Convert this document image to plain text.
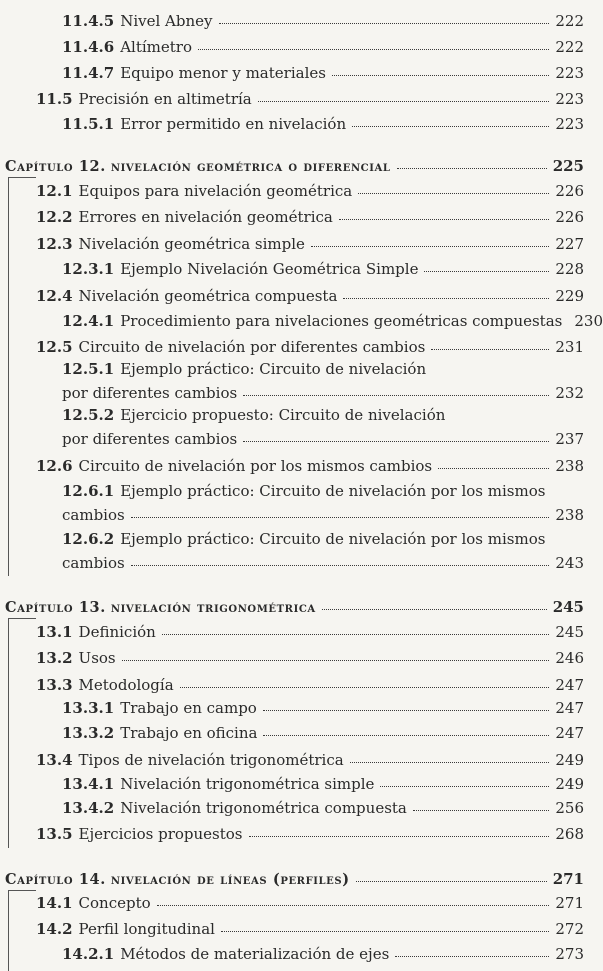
11.4.5 Nivel Abney	222
11.4.6 Altímetro	222
11.4.7 Equipo menor y materiales	223
11.5 Precisión en altimetría	223
11.5.1 Error permitido en nivelación	223
Capítulo 12. nivelación geométrica o diferencial	225
12.1 Equipos para nivelación geométrica	226
12.2 Errores en nivelación geométrica	226
12.3 Nivelación geométrica simple	227
12.3.1 Ejemplo Nivelación Geométrica Simple	228
12.4 Nivelación geométrica compuesta	229
12.4.1 Procedimiento para nivelaciones geométricas compuestas 230
12.5 Circuito de nivelación por diferentes cambios	231
12.5.1 Ejemplo práctico: Circuito de nivelación
por diferentes cambios	232
12.5.2 Ejercicio propuesto: Circuito de nivelación
por diferentes cambios	237
12.6 Circuito de nivelación por los mismos cambios	238
12.6.1 Ejemplo práctico: Circuito de nivelación por los mismos
cambios	238
12.6.2 Ejemplo práctico: Circuito de nivelación por los mismos
cambios	243
Capítulo 13. nivelación trigonométrica	245
13.1 Definición	245
13.2 Usos	246
13.3 Metodología	247
13.3.1 Trabajo en campo	247
13.3.2 Trabajo en oficina	247
13.4 Tipos de nivelación trigonométrica	249
13.4.1 Nivelación trigonométrica simple	249
13.4.2 Nivelación trigonométrica compuesta	256
13.5 Ejercicios propuestos	268
Capítulo 14. nivelación de líneas (perfiles)	271
14.1 Concepto	271
14.2 Perfil longitudinal	272
14.2.1 Métodos de materialización de ejes	273
